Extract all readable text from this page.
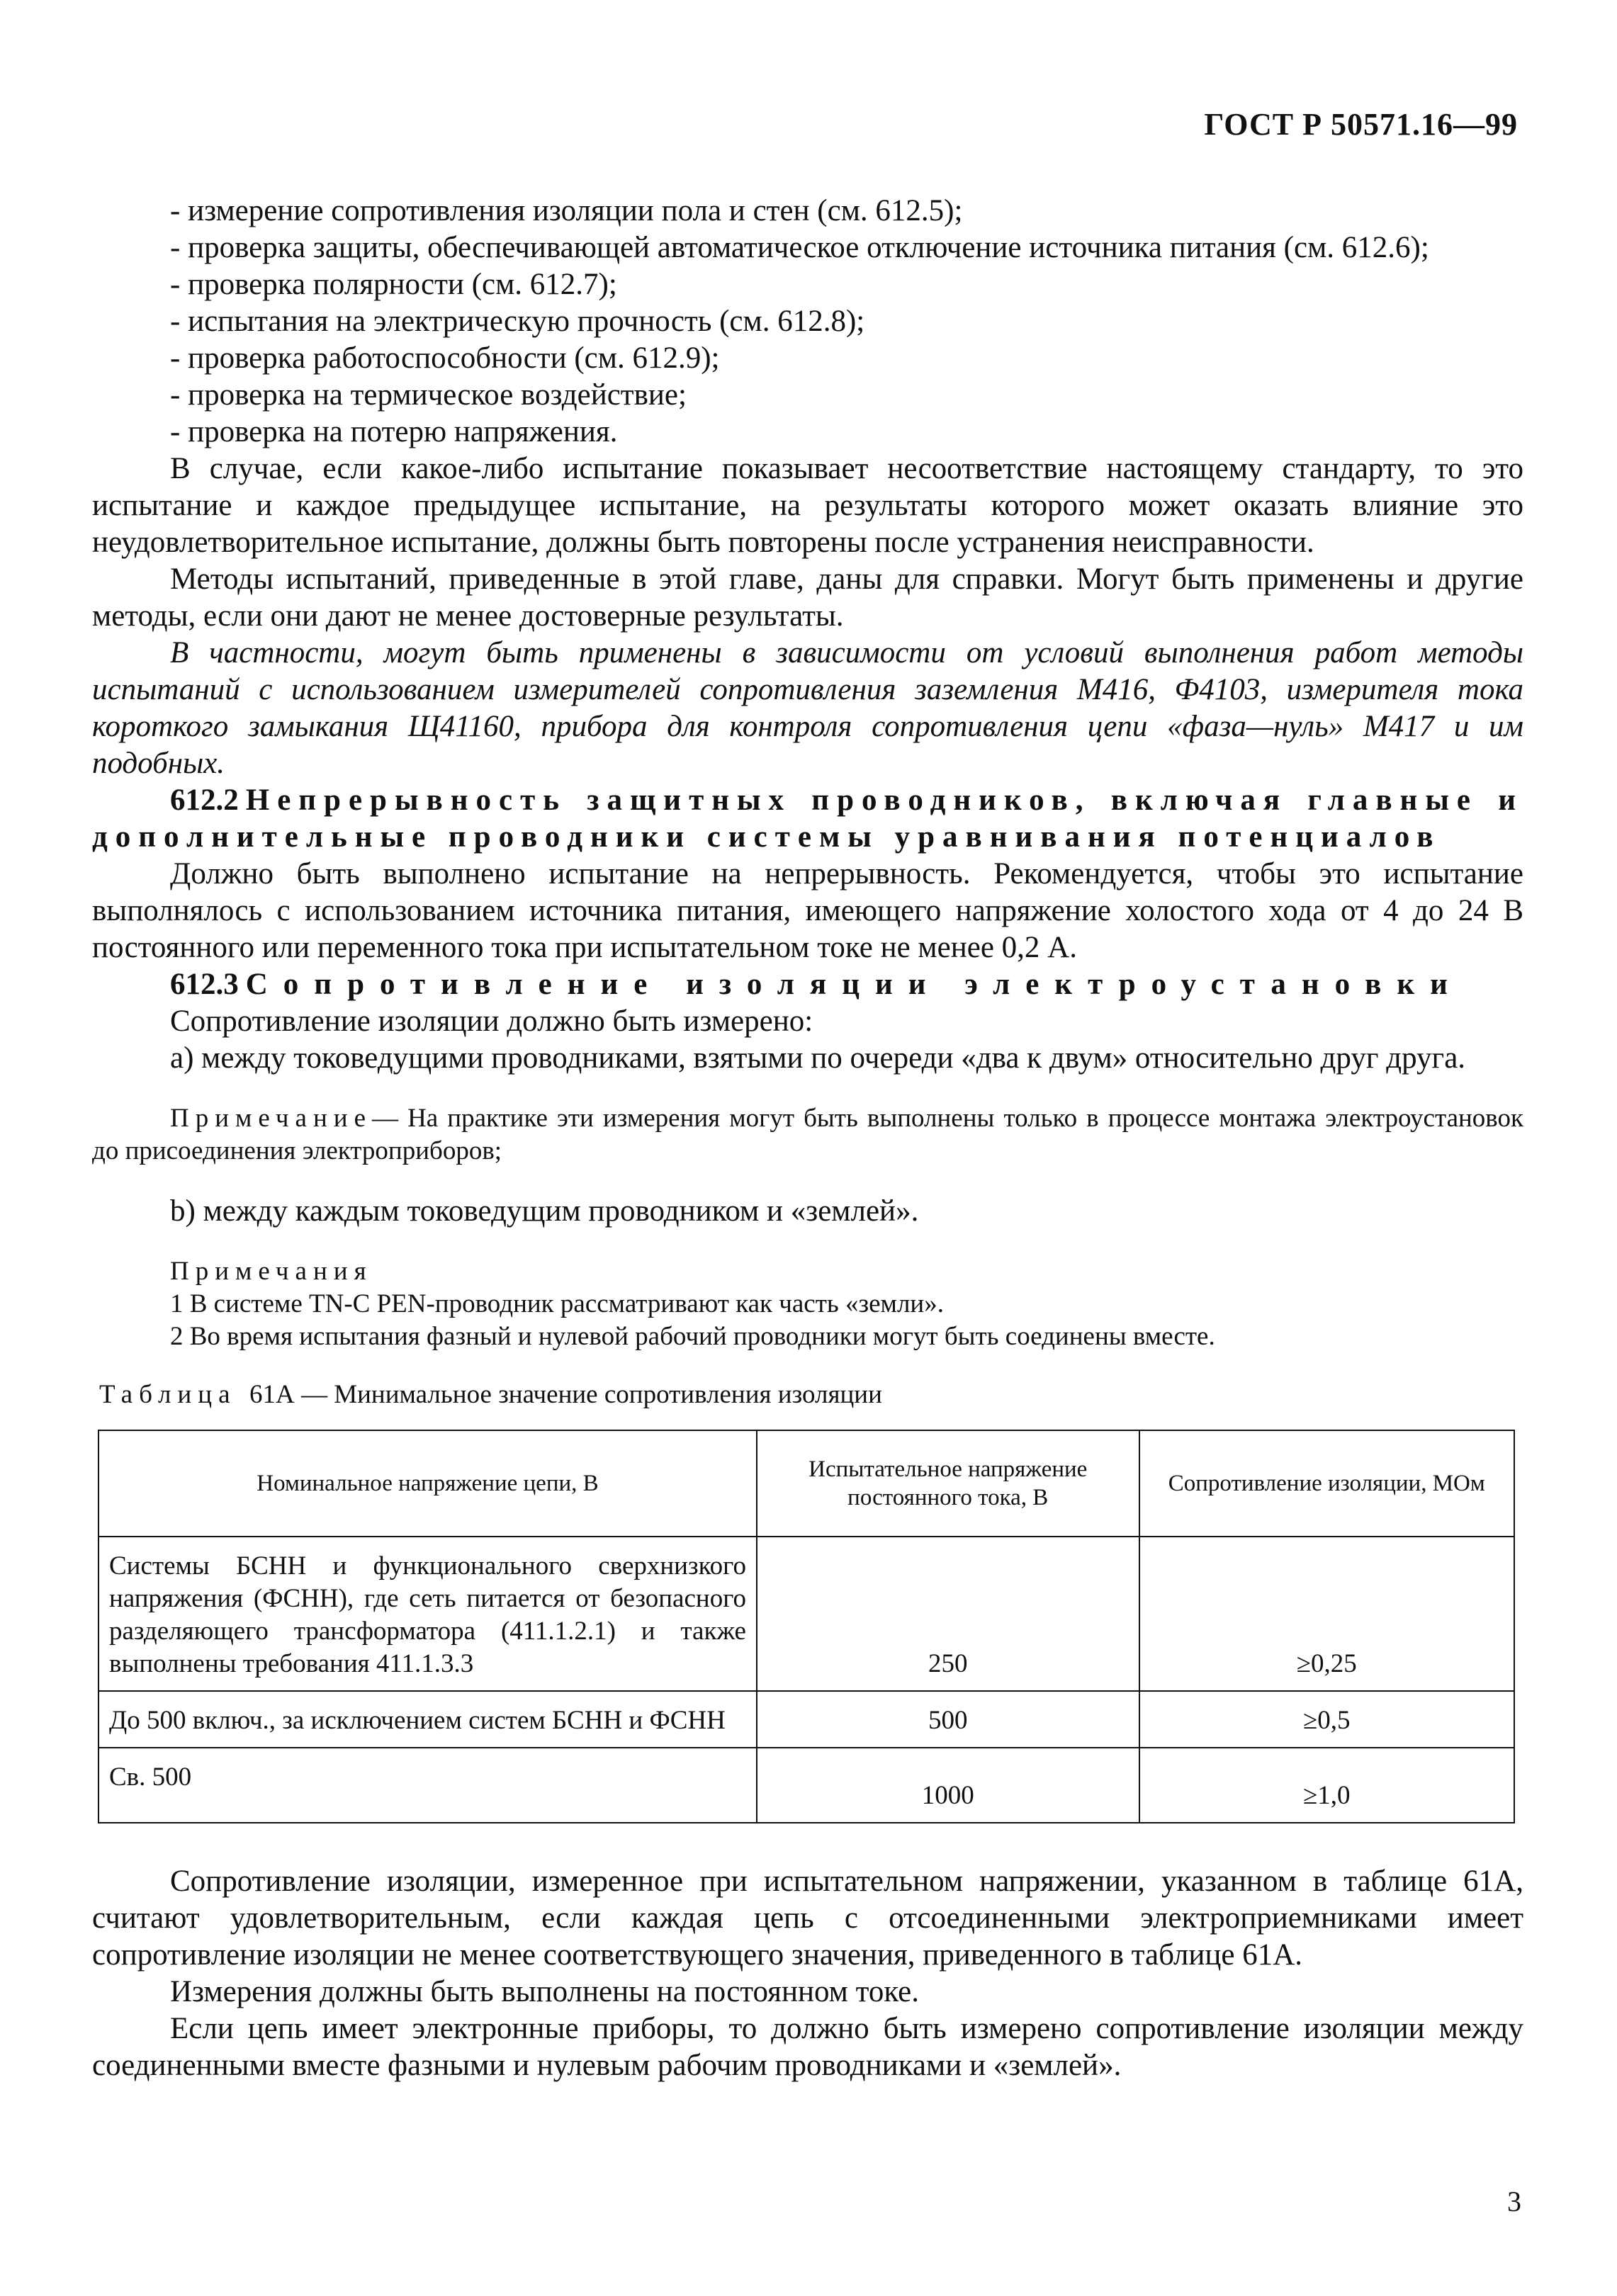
ГОСТ Р 50571.16—99

- измерение сопротивления изоляции пола и стен (см. 612.5);

- проверка защиты, обеспечивающей автоматическое отключение источника питания (см. 612.6);

- проверка полярности (см. 612.7);

- испытания на электрическую прочность (см. 612.8);

- проверка работоспособности (см. 612.9);

- проверка на термическое воздействие;

- проверка на потерю напряжения.

В случае, если какое-либо испытание показывает несоответствие настоящему стандарту, то это испытание и каждое предыдущее испытание, на результаты которого может оказать влияние это неудовлетворительное испытание, должны быть повторены после устранения неисправности.

Методы испытаний, приведенные в этой главе, даны для справки. Могут быть применены и другие методы, если они дают не менее достоверные результаты.

В частности, могут быть применены в зависимости от условий выполнения работ методы испытаний с использованием измерителей сопротивления заземления М416, Ф4103, измерителя тока короткого замыкания Щ41160, прибора для контроля сопротивления цепи «фаза—нуль» М417 и им подобных.

612.2 Непрерывность защитных проводников, включая главные и дополнительные проводники системы уравнивания потенциалов

Должно быть выполнено испытание на непрерывность. Рекомендуется, чтобы это испытание выполнялось с использованием источника питания, имеющего напряжение холостого хода от 4 до 24 В постоянного или переменного тока при испытательном токе не менее 0,2 А.

612.3 Сопротивление изоляции электроустановки

Сопротивление изоляции должно быть измерено:

а) между токоведущими проводниками, взятыми по очереди «два к двум» относительно друг друга.

Примечание— На практике эти измерения могут быть выполнены только в процессе монтажа электроустановок до присоединения электроприборов;

b) между каждым токоведущим проводником и «землей».

Примечания

1 В системе TN-C PEN-проводник рассматривают как часть «земли».

2 Во время испытания фазный и нулевой рабочий проводники могут быть соединены вместе.

Таблица 61А — Минимальное значение сопротивления изоляции

Номинальное напряжение цепи, В	Испытательное напряжение постоянного тока, В	Сопротивление изоляции, МОм
Системы БСНН и функционального сверхнизкого напряжения (ФСНН), где сеть питается от безопасного разделяющего трансформатора (411.1.2.1) и также выполнены требования 411.1.3.3	250	≥0,25
До 500 включ., за исключением систем БСНН и ФСНН	500	≥0,5
Св. 500	1000	≥1,0

Сопротивление изоляции, измеренное при испытательном напряжении, указанном в таблице 61А, считают удовлетворительным, если каждая цепь с отсоединенными электроприемниками имеет сопротивление изоляции не менее соответствующего значения, приведенного в таблице 61А.

Измерения должны быть выполнены на постоянном токе.

Если цепь имеет электронные приборы, то должно быть измерено сопротивление изоляции между соединенными вместе фазными и нулевым рабочим проводниками и «землей».

3
